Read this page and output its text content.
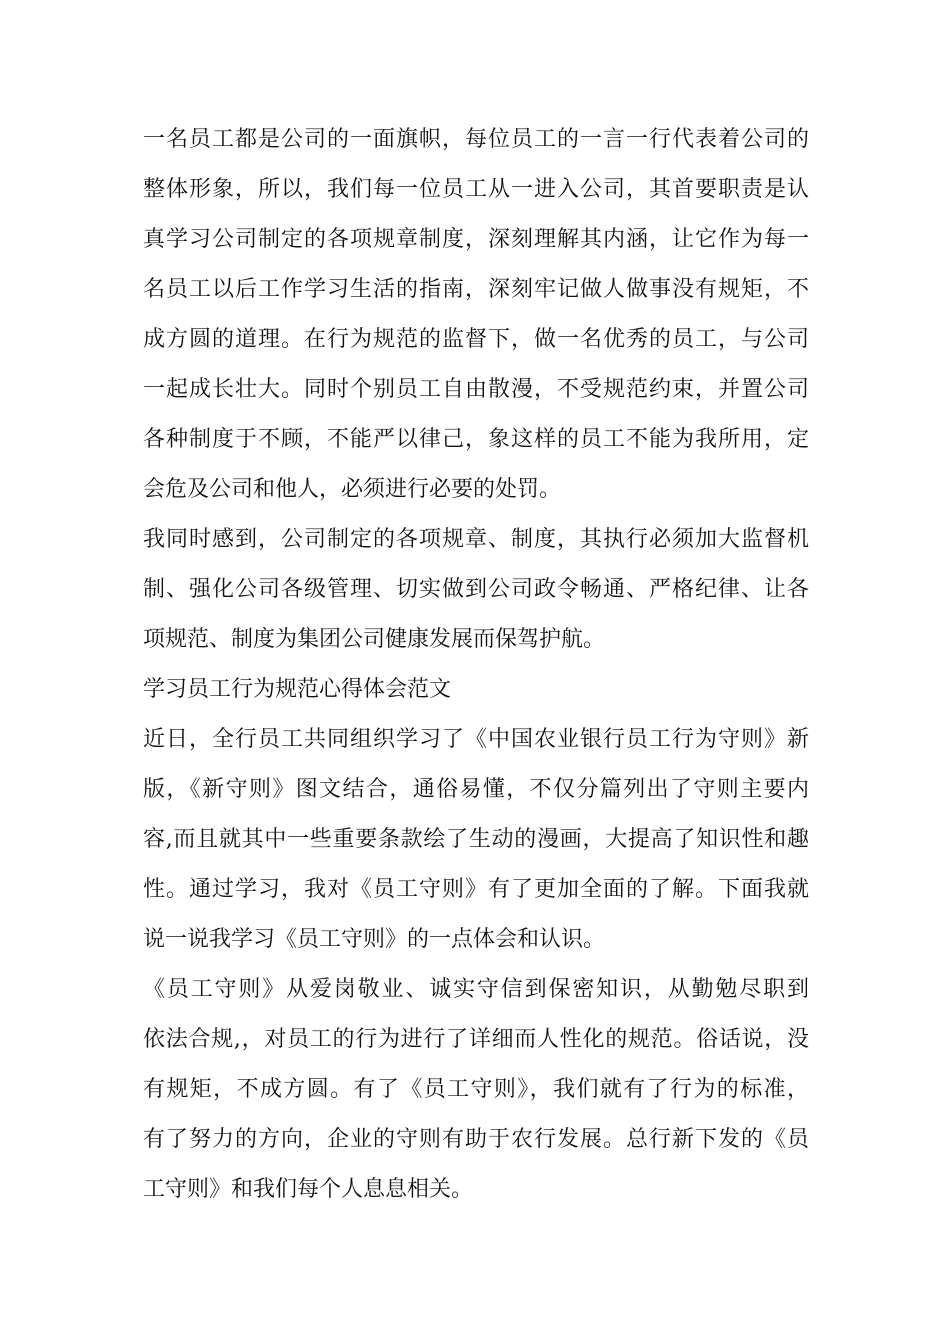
一名员工都是公司的一面旗帜，每位员工的一言一行代表着公司的
整体形象，所以，我们每一位员工从一进入公司，其首要职责是认
真学习公司制定的各项规章制度，深刻理解其内涵，让它作为每一
名员工以后工作学习生活的指南，深刻牢记做人做事没有规矩，不
成方圆的道理。在行为规范的监督下，做一名优秀的员工，与公司
一起成长壮大。同时个别员工自由散漫，不受规范约束，并置公司
各种制度于不顾，不能严以律己，象这样的员工不能为我所用，定
会危及公司和他人，必须进行必要的处罚。
我同时感到，公司制定的各项规章、制度，其执行必须加大监督机
制、强化公司各级管理、切实做到公司政令畅通、严格纪律、让各
项规范、制度为集团公司健康发展而保驾护航。
学习员工行为规范心得体会范文
近日，全行员工共同组织学习了《中国农业银行员工行为守则》新
版，《新守则》图文结合，通俗易懂，不仅分篇列出了守则主要内
容,而且就其中一些重要条款绘了生动的漫画，大提高了知识性和趣
性。通过学习，我对《员工守则》有了更加全面的了解。下面我就
说一说我学习《员工守则》的一点体会和认识。
《员工守则》从爱岗敬业、诚实守信到保密知识，从勤勉尽职到
依法合规,，对员工的行为进行了详细而人性化的规范。俗话说，没
有规矩，不成方圆。有了《员工守则》，我们就有了行为的标准，
有了努力的方向，企业的守则有助于农行发展。总行新下发的《员
工守则》和我们每个人息息相关。
